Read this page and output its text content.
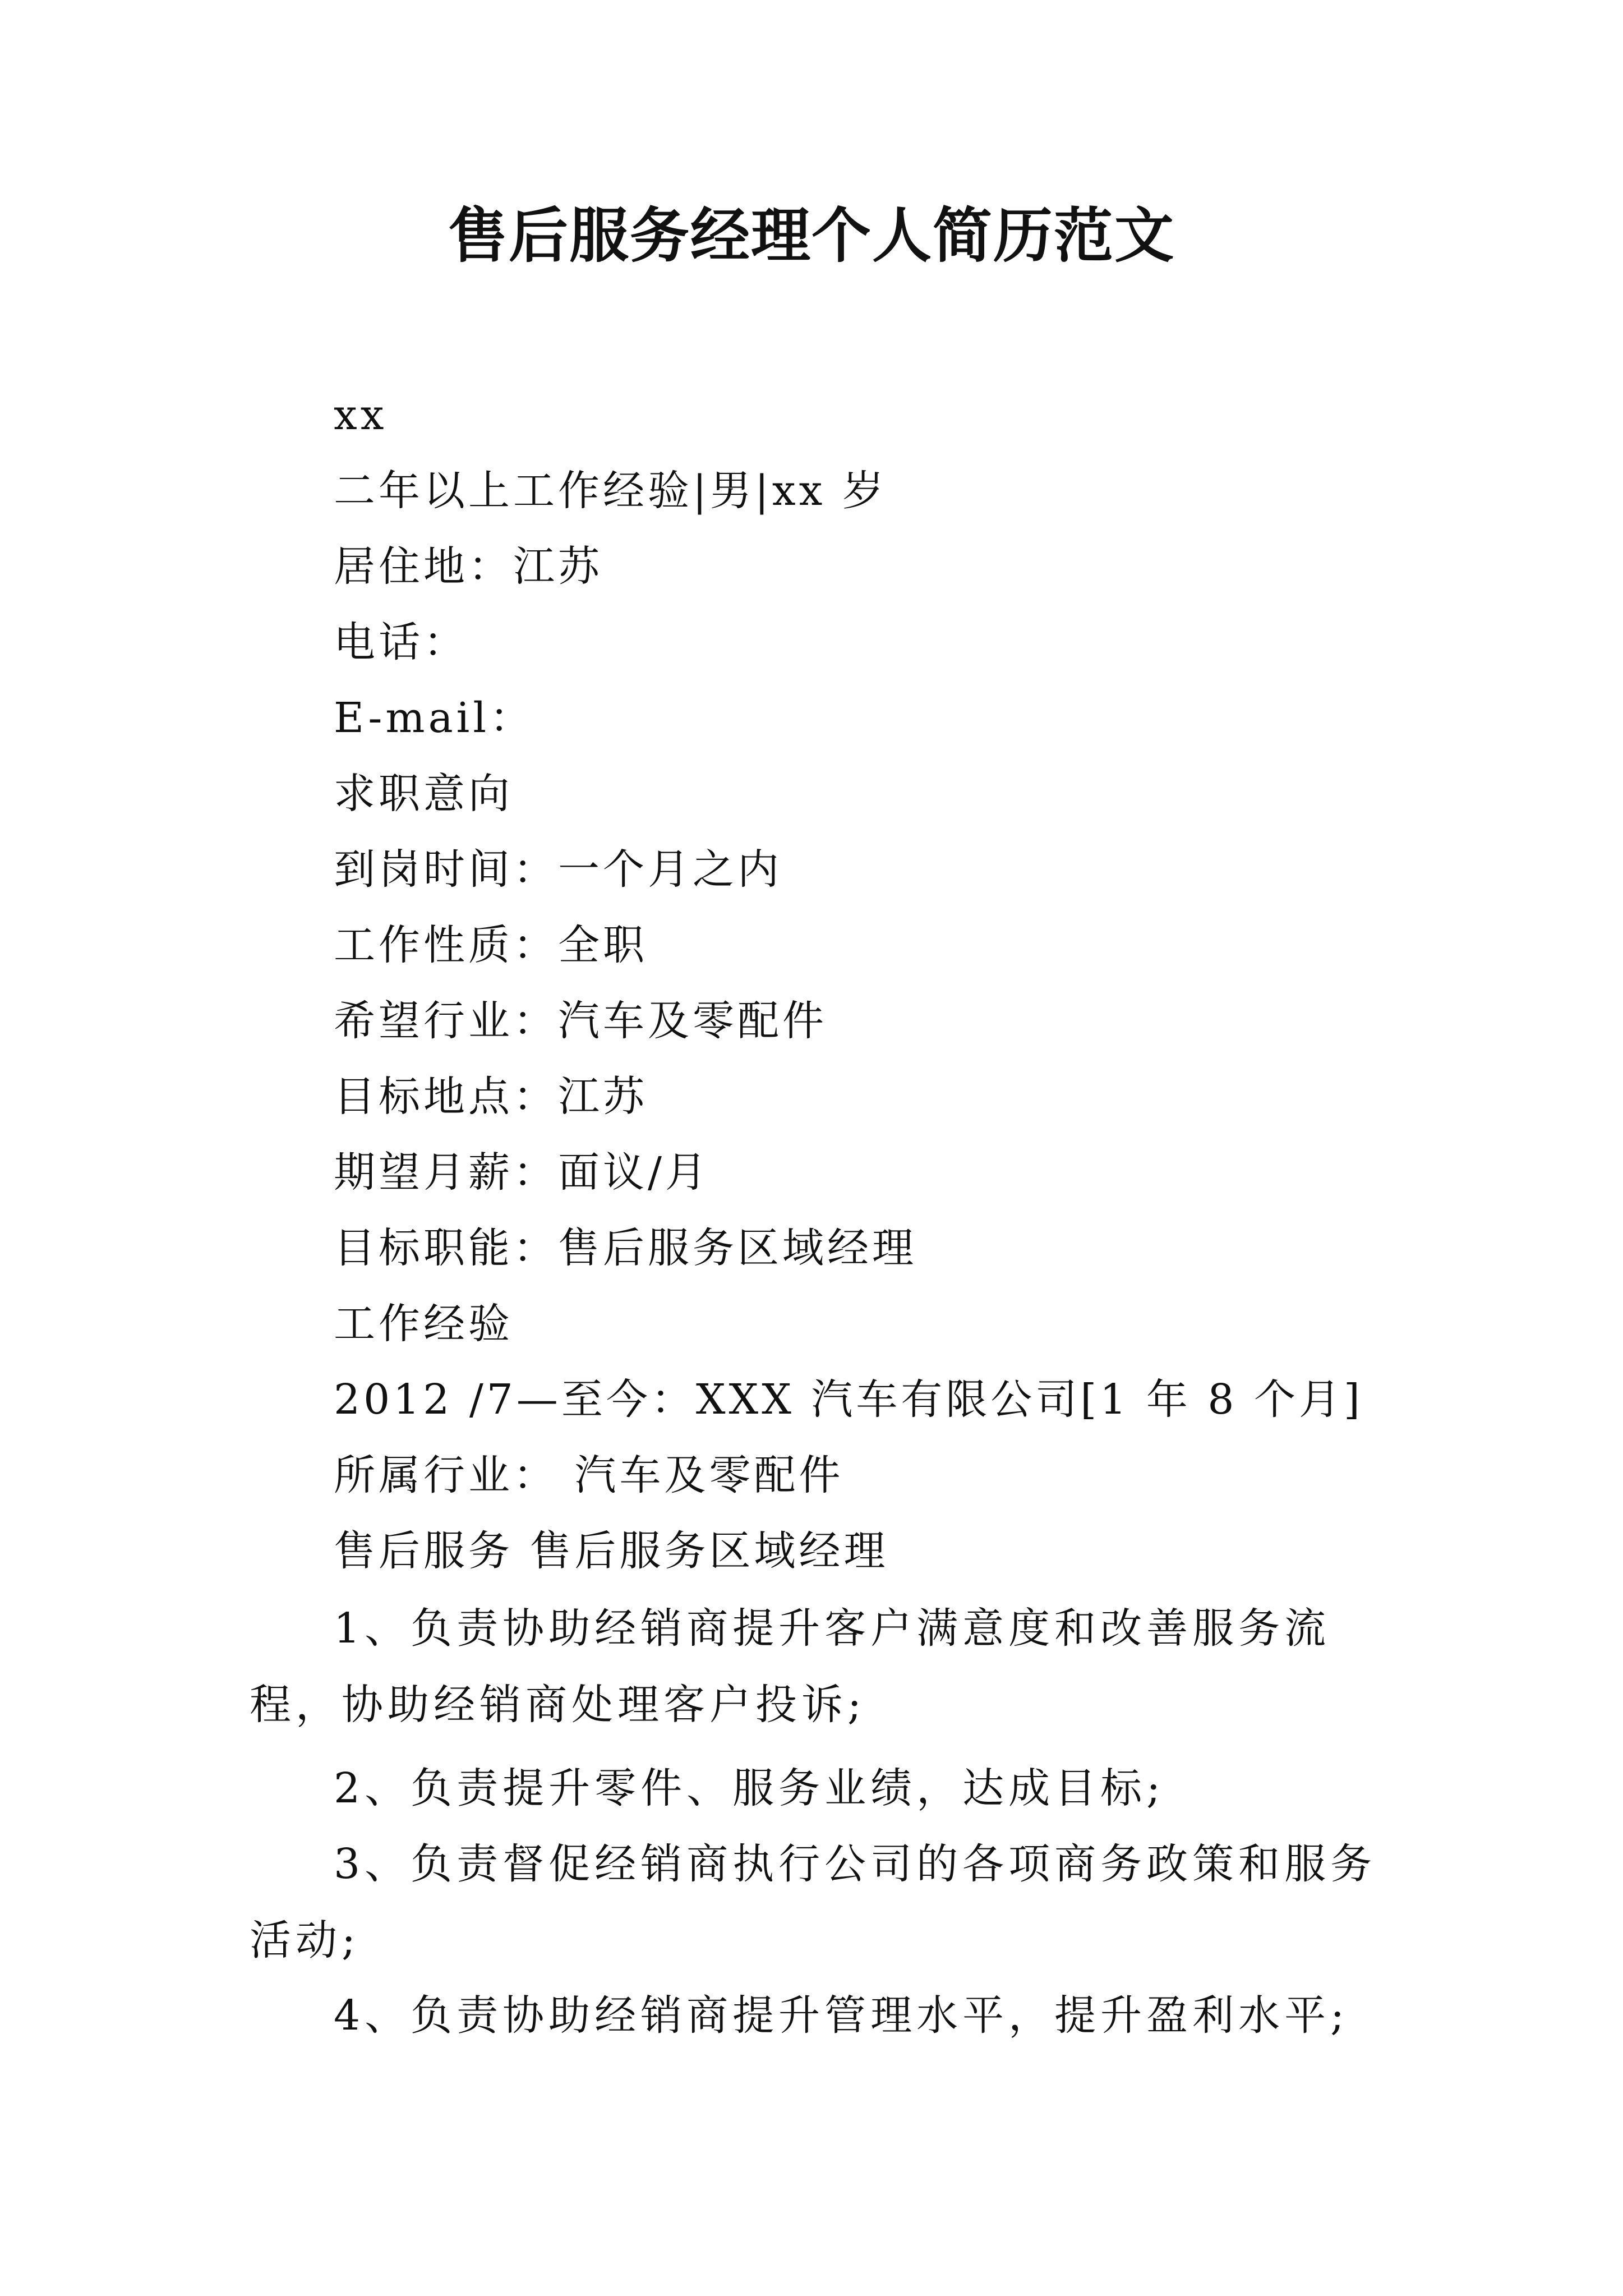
售后服务经理个人简历范文
xx
二年以上工作经验|男|xx 岁
居住地：江苏
电话：
E-mail：
求职意向
到岗时间：一个月之内
工作性质：全职
希望行业：汽车及零配件
目标地点：江苏
期望月薪：面议/月
目标职能：售后服务区域经理
工作经验
2012 /7—至今：XXX 汽车有限公司[1 年 8 个月]
所属行业： 汽车及零配件
售后服务 售后服务区域经理
1、负责协助经销商提升客户满意度和改善服务流程，协助经销商处理客户投诉;
2、负责提升零件、服务业绩，达成目标;
3、负责督促经销商执行公司的各项商务政策和服务活动;
4、负责协助经销商提升管理水平，提升盈利水平;
